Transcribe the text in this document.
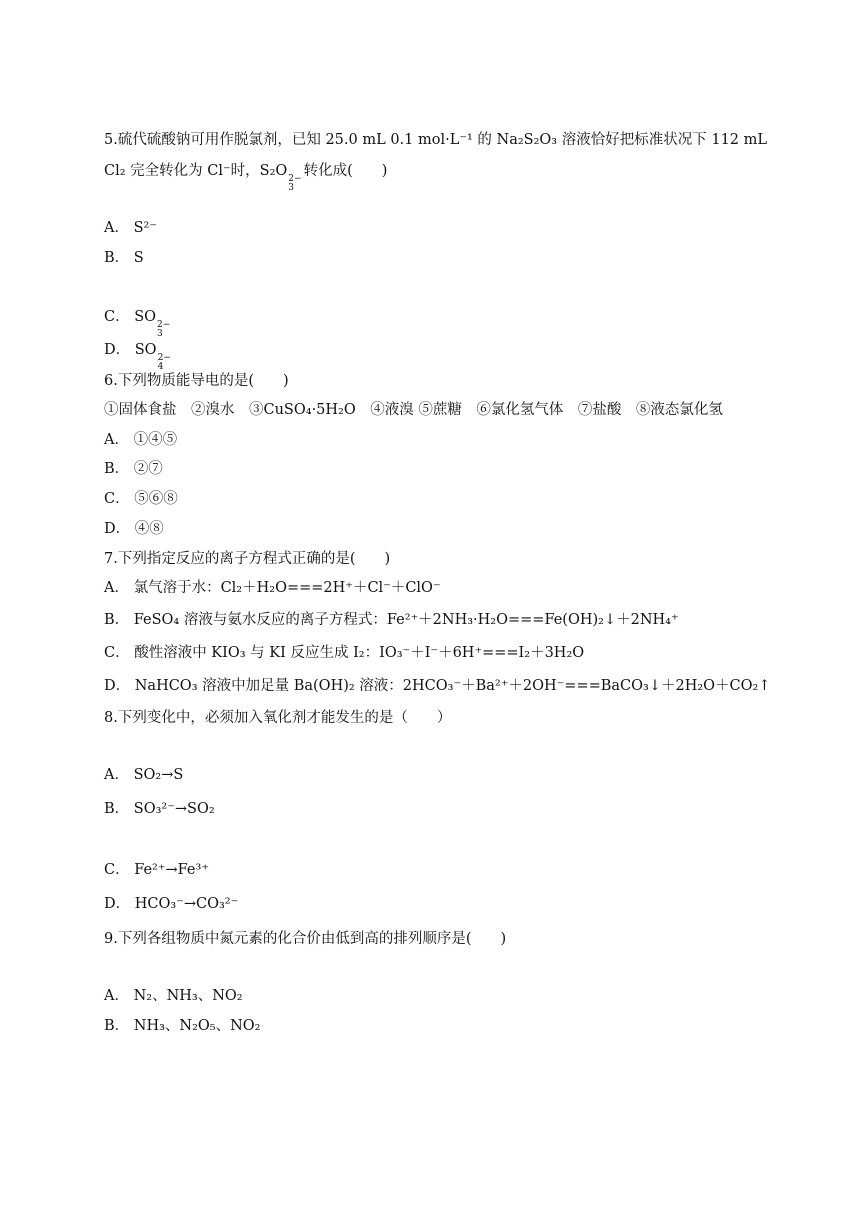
5.硫代硫酸钠可用作脱氯剂，已知 25.0 mL 0.1 mol·L⁻¹ 的 Na₂S₂O₃ 溶液恰好把标准状况下 112 mL
Cl₂ 完全转化为 Cl⁻时，S₂O 2−
3
转化成(　　)
A． S²⁻
B． S
C． SO 2−
3
D． SO 2−
4
6.下列物质能导电的是(　　)
①固体食盐　②溴水　③CuSO₄·5H₂O　④液溴 ⑤蔗糖　⑥氯化氢气体　⑦盐酸　⑧液态氯化氢
A． ①④⑤
B． ②⑦
C． ⑤⑥⑧
D． ④⑧
7.下列指定反应的离子方程式正确的是(　　)
A． 氯气溶于水：Cl₂＋H₂O===2H⁺＋Cl⁻＋ClO⁻
B． FeSO₄ 溶液与氨水反应的离子方程式：Fe²⁺＋2NH₃·H₂O===Fe(OH)₂↓＋2NH₄⁺
C． 酸性溶液中 KIO₃ 与 KI 反应生成 I₂：IO₃⁻＋I⁻＋6H⁺===I₂＋3H₂O
D． NaHCO₃ 溶液中加足量 Ba(OH)₂ 溶液：2HCO₃⁻＋Ba²⁺＋2OH⁻===BaCO₃↓＋2H₂O＋CO₂↑
8.下列变化中，必须加入氧化剂才能发生的是（　　）
A． SO₂→S
B． SO₃²⁻→SO₂
C． Fe²⁺→Fe³⁺
D． HCO₃⁻→CO₃²⁻
9.下列各组物质中氮元素的化合价由低到高的排列顺序是(　　)
A． N₂、NH₃、NO₂
B． NH₃、N₂O₅、NO₂
